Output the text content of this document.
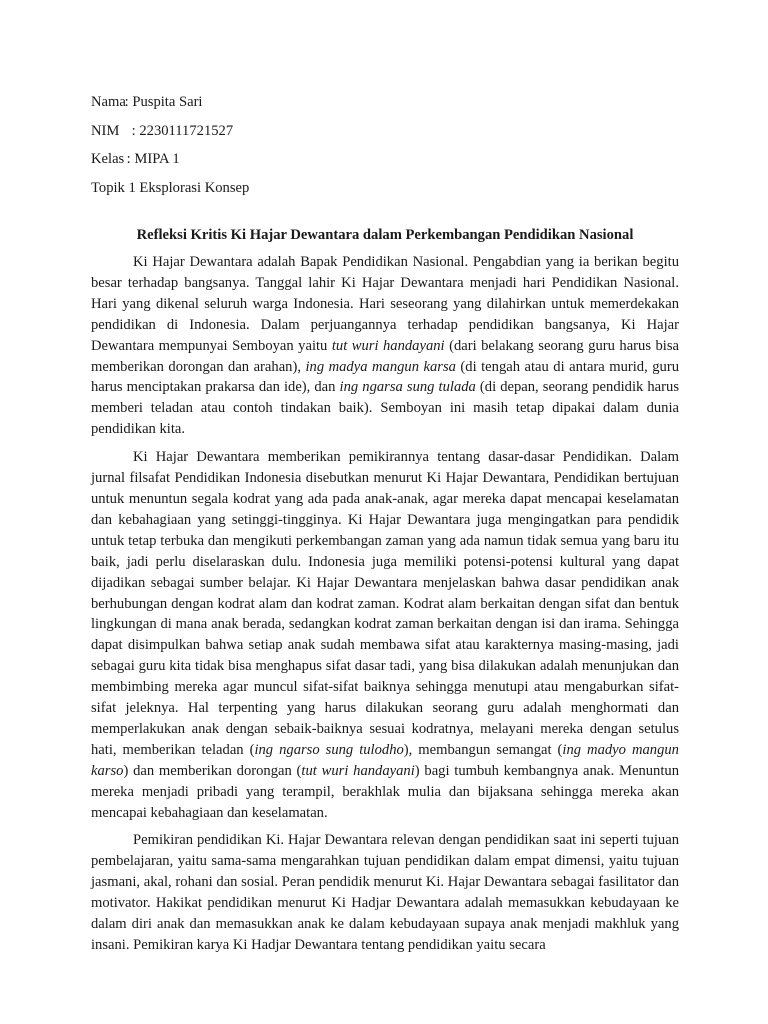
Nama : Puspita Sari
NIM : 2230111721527
Kelas : MIPA 1
Topik 1 Eksplorasi Konsep
Refleksi Kritis Ki Hajar Dewantara dalam Perkembangan Pendidikan Nasional

Ki Hajar Dewantara adalah Bapak Pendidikan Nasional. Pengabdian yang ia berikan begitu besar terhadap bangsanya. Tanggal lahir Ki Hajar Dewantara menjadi hari Pendidikan Nasional. Hari yang dikenal seluruh warga Indonesia. Hari seseorang yang dilahirkan untuk memerdekakan pendidikan di Indonesia. Dalam perjuangannya terhadap pendidikan bangsanya, Ki Hajar Dewantara mempunyai Semboyan yaitu tut wuri handayani (dari belakang seorang guru harus bisa memberikan dorongan dan arahan), ing madya mangun karsa (di tengah atau di antara murid, guru harus menciptakan prakarsa dan ide), dan ing ngarsa sung tulada (di depan, seorang pendidik harus memberi teladan atau contoh tindakan baik). Semboyan ini masih tetap dipakai dalam dunia pendidikan kita.

Ki Hajar Dewantara memberikan pemikirannya tentang dasar-dasar Pendidikan. Dalam jurnal filsafat Pendidikan Indonesia disebutkan menurut Ki Hajar Dewantara, Pendidikan bertujuan untuk menuntun segala kodrat yang ada pada anak-anak, agar mereka dapat mencapai keselamatan dan kebahagiaan yang setinggi-tingginya. Ki Hajar Dewantara juga mengingatkan para pendidik untuk tetap terbuka dan mengikuti perkembangan zaman yang ada namun tidak semua yang baru itu baik, jadi perlu diselaraskan dulu. Indonesia juga memiliki potensi-potensi kultural yang dapat dijadikan sebagai sumber belajar. Ki Hajar Dewantara menjelaskan bahwa dasar pendidikan anak berhubungan dengan kodrat alam dan kodrat zaman. Kodrat alam berkaitan dengan sifat dan bentuk lingkungan di mana anak berada, sedangkan kodrat zaman berkaitan dengan isi dan irama. Sehingga dapat disimpulkan bahwa setiap anak sudah membawa sifat atau karakternya masing-masing, jadi sebagai guru kita tidak bisa menghapus sifat dasar tadi, yang bisa dilakukan adalah menunjukan dan membimbing mereka agar muncul sifat-sifat baiknya sehingga menutupi atau mengaburkan sifat-sifat jeleknya. Hal terpenting yang harus dilakukan seorang guru adalah menghormati dan memperlakukan anak dengan sebaik-baiknya sesuai kodratnya, melayani mereka dengan setulus hati, memberikan teladan (ing ngarso sung tulodho), membangun semangat (ing madyo mangun karso) dan memberikan dorongan (tut wuri handayani) bagi tumbuh kembangnya anak. Menuntun mereka menjadi pribadi yang terampil, berakhlak mulia dan bijaksana sehingga mereka akan mencapai kebahagiaan dan keselamatan.

Pemikiran pendidikan Ki. Hajar Dewantara relevan dengan pendidikan saat ini seperti tujuan pembelajaran, yaitu sama-sama mengarahkan tujuan pendidikan dalam empat dimensi, yaitu tujuan jasmani, akal, rohani dan sosial. Peran pendidik menurut Ki. Hajar Dewantara sebagai fasilitator dan motivator. Hakikat pendidikan menurut Ki Hadjar Dewantara adalah memasukkan kebudayaan ke dalam diri anak dan memasukkan anak ke dalam kebudayaan supaya anak menjadi makhluk yang insani. Pemikiran karya Ki Hadjar Dewantara tentang pendidikan yaitu secara
